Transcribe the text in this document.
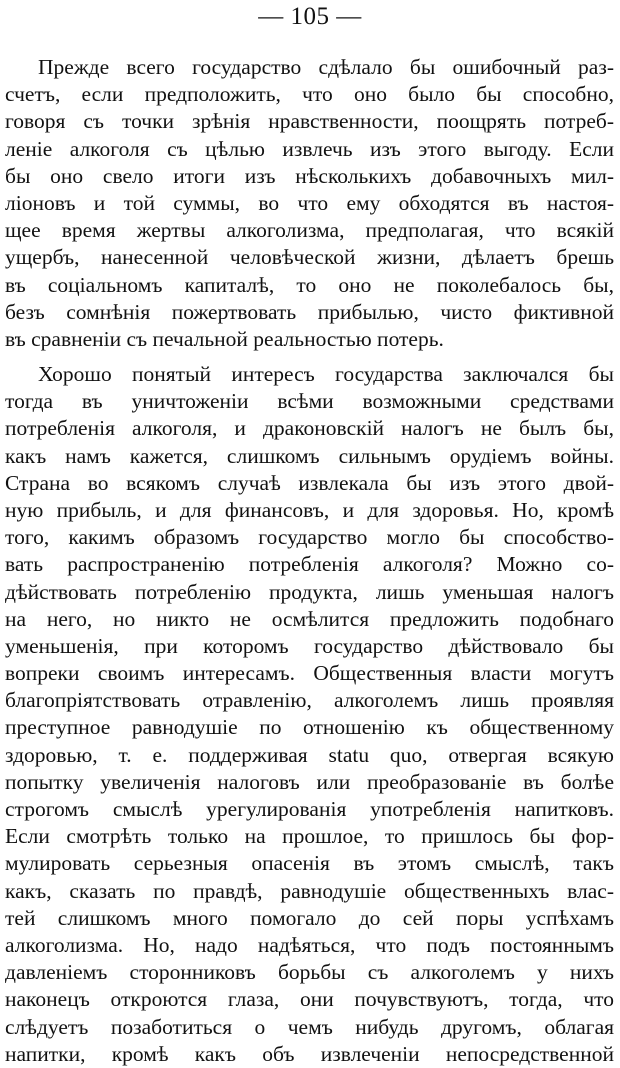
— 105 —
Прежде всего государство сдѣлало бы ошибочный раз-
счетъ, если предположить, что оно было бы способно,
говоря съ точки зрѣнія нравственности, поощрять потреб-
леніе алкоголя съ цѣлью извлечь изъ этого выгоду. Если
бы оно свело итоги изъ нѣсколькихъ добавочныхъ мил-
ліоновъ и той суммы, во что ему обходятся въ настоя-
щее время жертвы алкоголизма, предполагая, что всякій
ущербъ, нанесенной человѣческой жизни, дѣлаетъ брешь
въ соціальномъ капиталѣ, то оно не поколебалось бы,
безъ сомнѣнія пожертвовать прибылью, чисто фиктивной
въ сравненіи съ печальной реальностью потерь.
Хорошо понятый интересъ государства заключался бы
тогда въ уничтоженіи всѣми возможными средствами
потребленія алкоголя, и драконовскій налогъ не былъ бы,
какъ намъ кажется, слишкомъ сильнымъ орудіемъ войны.
Страна во всякомъ случаѣ извлекала бы изъ этого двой-
ную прибыль, и для финансовъ, и для здоровья. Но, кромѣ
того, какимъ образомъ государство могло бы способство-
вать распространенію потребленія алкоголя? Можно со-
дѣйствовать потребленію продукта, лишь уменьшая налогъ
на него, но никто не осмѣлится предложить подобнаго
уменьшенія, при которомъ государство дѣйствовало бы
вопреки своимъ интересамъ. Общественныя власти могутъ
благопріятствовать отравленію, алкоголемъ лишь проявляя
преступное равнодушіе по отношенію къ общественному
здоровью, т. е. поддерживая statu quo, отвергая всякую
попытку увеличенія налоговъ или преобразованіе въ болѣе
строгомъ смыслѣ урегулированія употребленія напитковъ.
Если смотрѣть только на прошлое, то пришлось бы фор-
мулировать серьезныя опасенія въ этомъ смыслѣ, такъ
какъ, сказать по правдѣ, равнодушіе общественныхъ влас-
тей слишкомъ много помогало до сей поры успѣхамъ
алкоголизма. Но, надо надѣяться, что подъ постояннымъ
давленіемъ сторонниковъ борьбы съ алкоголемъ у нихъ
наконецъ откроются глаза, они почувствуютъ, тогда, что
слѣдуетъ позаботиться о чемъ нибудь другомъ, облагая
напитки, кромѣ какъ объ извлеченіи непосредственной
